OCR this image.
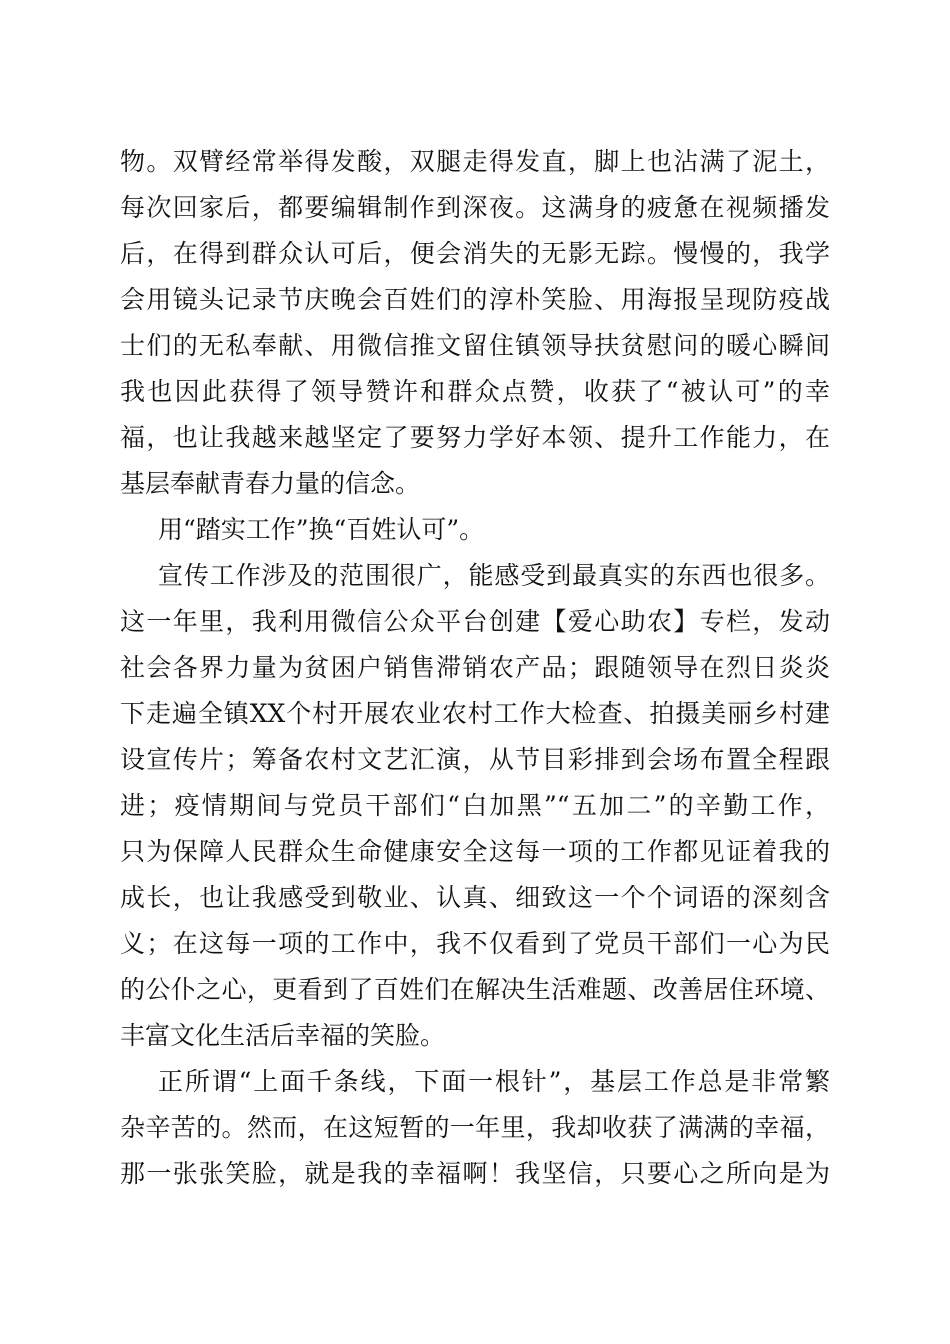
物。双臂经常举得发酸，双腿走得发直，脚上也沾满了泥土，
每次回家后，都要编辑制作到深夜。这满身的疲惫在视频播发
后，在得到群众认可后，便会消失的无影无踪。慢慢的，我学
会用镜头记录节庆晚会百姓们的淳朴笑脸、用海报呈现防疫战
士们的无私奉献、用微信推文留住镇领导扶贫慰问的暖心瞬间
我也因此获得了领导赞许和群众点赞，收获了“被认可”的幸
福，也让我越来越坚定了要努力学好本领、提升工作能力，在
基层奉献青春力量的信念。
用“踏实工作”换“百姓认可”。
宣传工作涉及的范围很广，能感受到最真实的东西也很多。
这一年里，我利用微信公众平台创建【爱心助农】专栏，发动
社会各界力量为贫困户销售滞销农产品；跟随领导在烈日炎炎
下走遍全镇XX个村开展农业农村工作大检查、拍摄美丽乡村建
设宣传片；筹备农村文艺汇演，从节目彩排到会场布置全程跟
进；疫情期间与党员干部们“白加黑”“五加二”的辛勤工作，
只为保障人民群众生命健康安全这每一项的工作都见证着我的
成长，也让我感受到敬业、认真、细致这一个个词语的深刻含
义；在这每一项的工作中，我不仅看到了党员干部们一心为民
的公仆之心，更看到了百姓们在解决生活难题、改善居住环境、
丰富文化生活后幸福的笑脸。
正所谓“上面千条线，下面一根针”，基层工作总是非常繁
杂辛苦的。然而，在这短暂的一年里，我却收获了满满的幸福，
那一张张笑脸，就是我的幸福啊！我坚信，只要心之所向是为
